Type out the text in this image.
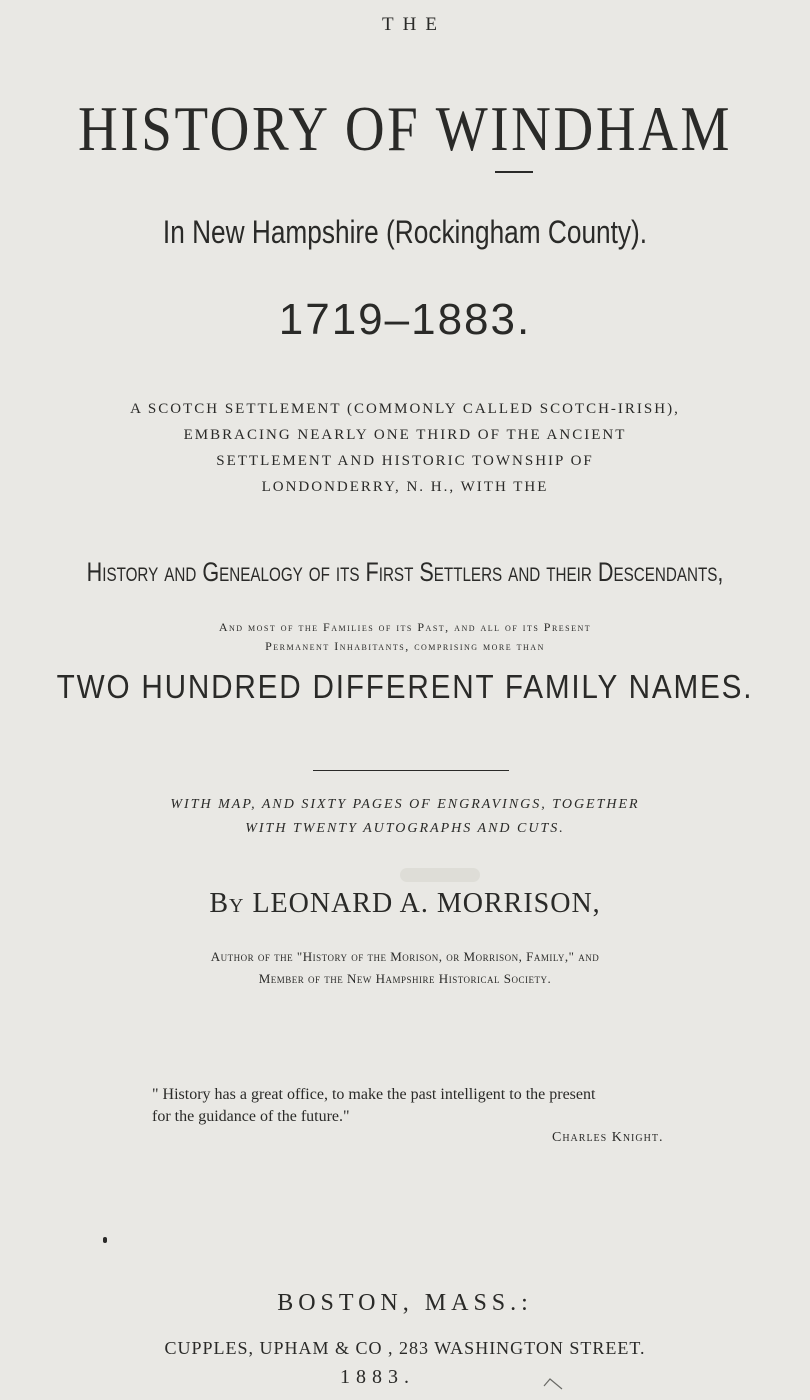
THE
HISTORY OF WINDHAM
In New Hampshire (Rockingham County).
1719–1883.
A SCOTCH SETTLEMENT (COMMONLY CALLED SCOTCH-IRISH),
EMBRACING NEARLY ONE THIRD OF THE ANCIENT
SETTLEMENT AND HISTORIC TOWNSHIP OF
LONDONDERRY, N. H., WITH THE
History and Genealogy of its First Settlers and their Descendants,
And most of the Families of its Past, and all of its Present
Permanent Inhabitants, comprising more than
TWO HUNDRED DIFFERENT FAMILY NAMES.
WITH MAP, AND SIXTY PAGES OF ENGRAVINGS, TOGETHER
WITH TWENTY AUTOGRAPHS AND CUTS.
By LEONARD A. MORRISON,
Author of the "History of the Morison, or Morrison, Family," and
Member of the New Hampshire Historical Society.
" History has a great office, to make the past intelligent to the present
for the guidance of the future."
Charles Knight.
BOSTON, MASS.:
CUPPLES, UPHAM & CO , 283 WASHINGTON STREET.
1883.
